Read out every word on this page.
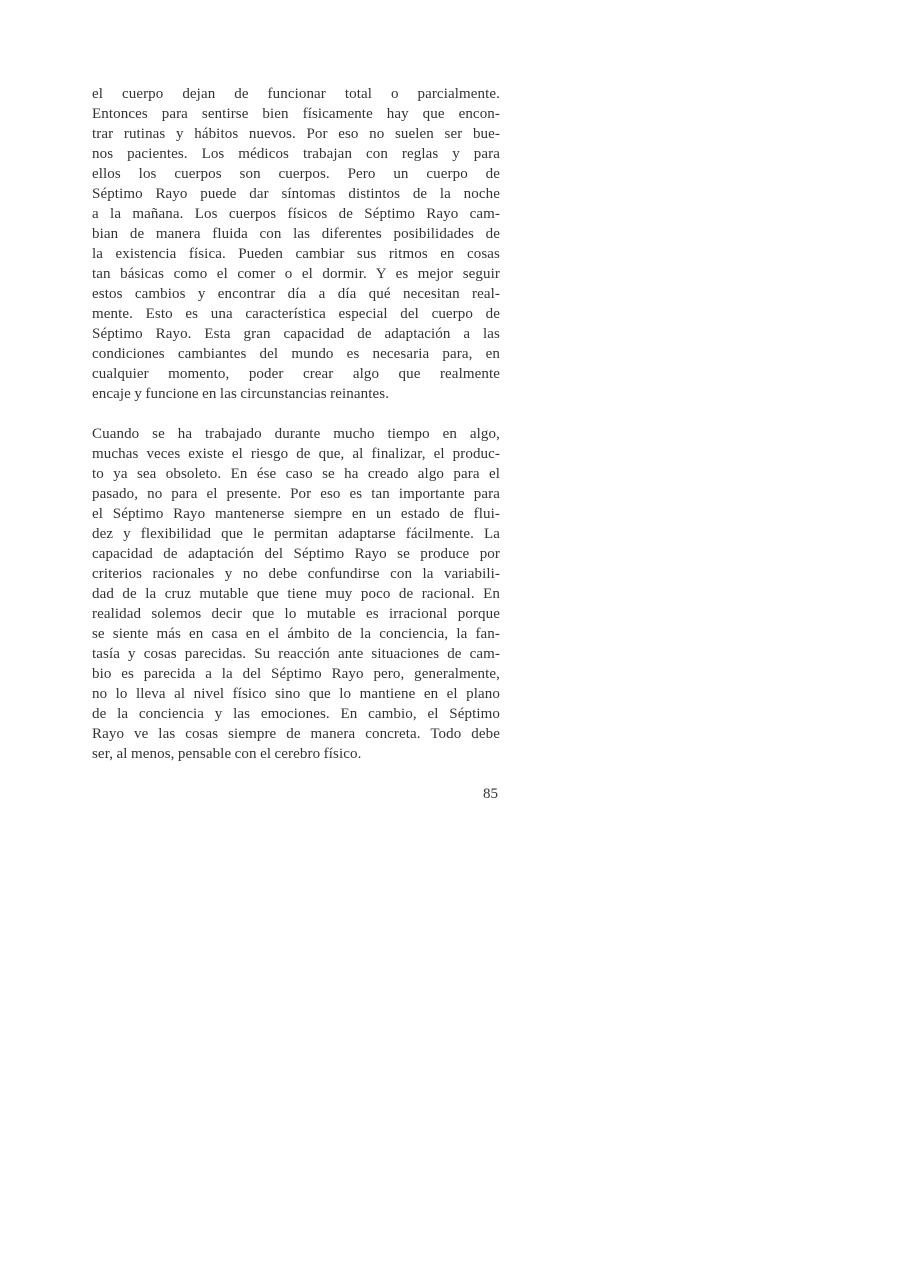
el cuerpo dejan de funcionar total o parcialmente.
Entonces para sentirse bien físicamente hay que encon-
trar rutinas y hábitos nuevos. Por eso no suelen ser bue-
nos pacientes. Los médicos trabajan con reglas y para
ellos los cuerpos son cuerpos. Pero un cuerpo de
Séptimo Rayo puede dar síntomas distintos de la noche
a la mañana. Los cuerpos físicos de Séptimo Rayo cam-
bian de manera fluida con las diferentes posibilidades de
la existencia física. Pueden cambiar sus ritmos en cosas
tan básicas como el comer o el dormir. Y es mejor seguir
estos cambios y encontrar día a día qué necesitan real-
mente. Esto es una característica especial del cuerpo de
Séptimo Rayo. Esta gran capacidad de adaptación a las
condiciones cambiantes del mundo es necesaria para, en
cualquier momento, poder crear algo que realmente
encaje y funcione en las circunstancias reinantes.
Cuando se ha trabajado durante mucho tiempo en algo,
muchas veces existe el riesgo de que, al finalizar, el produc-
to ya sea obsoleto. En ése caso se ha creado algo para el
pasado, no para el presente. Por eso es tan importante para
el Séptimo Rayo mantenerse siempre en un estado de flui-
dez y flexibilidad que le permitan adaptarse fácilmente. La
capacidad de adaptación del Séptimo Rayo se produce por
criterios racionales y no debe confundirse con la variabili-
dad de la cruz mutable que tiene muy poco de racional. En
realidad solemos decir que lo mutable es irracional porque
se siente más en casa en el ámbito de la conciencia, la fan-
tasía y cosas parecidas. Su reacción ante situaciones de cam-
bio es parecida a la del Séptimo Rayo pero, generalmente,
no lo lleva al nivel físico sino que lo mantiene en el plano
de la conciencia y las emociones. En cambio, el Séptimo
Rayo ve las cosas siempre de manera concreta. Todo debe
ser, al menos, pensable con el cerebro físico.
85
